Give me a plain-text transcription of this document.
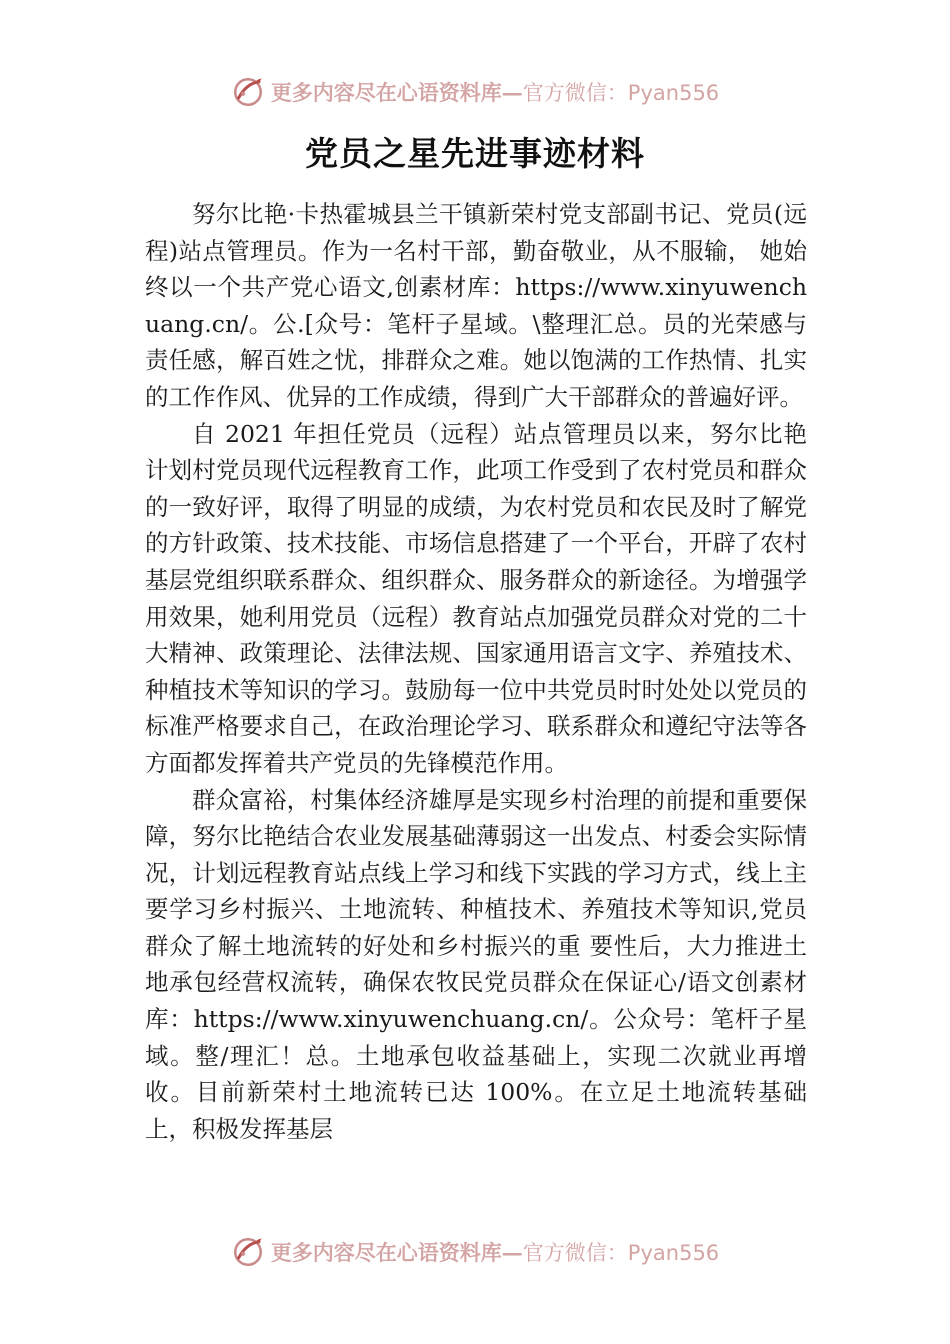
更多内容尽在心语资料库—官方微信：Pyan556
党员之星先进事迹材料

努尔比艳·卡热霍城县兰干镇新荣村党支部副书记、党员(远程)站点管理员。作为一名村干部，勤奋敬业，从不服输， 她始终以一个共产党心语文,创素材库：https://www.xinyuwenchuang.cn/。公.[众号：笔杆子星域。\整理汇总。员的光荣感与责任感，解百姓之忧，排群众之难。她以饱满的工作热情、扎实的工作作风、优异的工作成绩，得到广大干部群众的普遍好评。

自 2021 年担任党员（远程）站点管理员以来，努尔比艳计划村党员现代远程教育工作，此项工作受到了农村党员和群众的一致好评，取得了明显的成绩，为农村党员和农民及时了解党的方针政策、技术技能、市场信息搭建了一个平台，开辟了农村基层党组织联系群众、组织群众、服务群众的新途径。为增强学用效果，她利用党员（远程）教育站点加强党员群众对党的二十大精神、政策理论、法律法规、国家通用语言文字、养殖技术、种植技术等知识的学习。鼓励每一位中共党员时时处处以党员的标准严格要求自己，在政治理论学习、联系群众和遵纪守法等各方面都发挥着共产党员的先锋模范作用。

群众富裕，村集体经济雄厚是实现乡村治理的前提和重要保障，努尔比艳结合农业发展基础薄弱这一出发点、村委会实际情况，计划远程教育站点线上学习和线下实践的学习方式，线上主要学习乡村振兴、土地流转、种植技术、养殖技术等知识,党员群众了解土地流转的好处和乡村振兴的重 要性后，大力推进土地承包经营权流转，确保农牧民党员群众在保证心/语文创素材库：https://www.xinyuwenchuang.cn/。公众号：笔杆子星域。整/理汇！总。土地承包收益基础上，实现二次就业再增收。目前新荣村土地流转已达 100%。在立足土地流转基础上，积极发挥基层

更多内容尽在心语资料库—官方微信：Pyan556
